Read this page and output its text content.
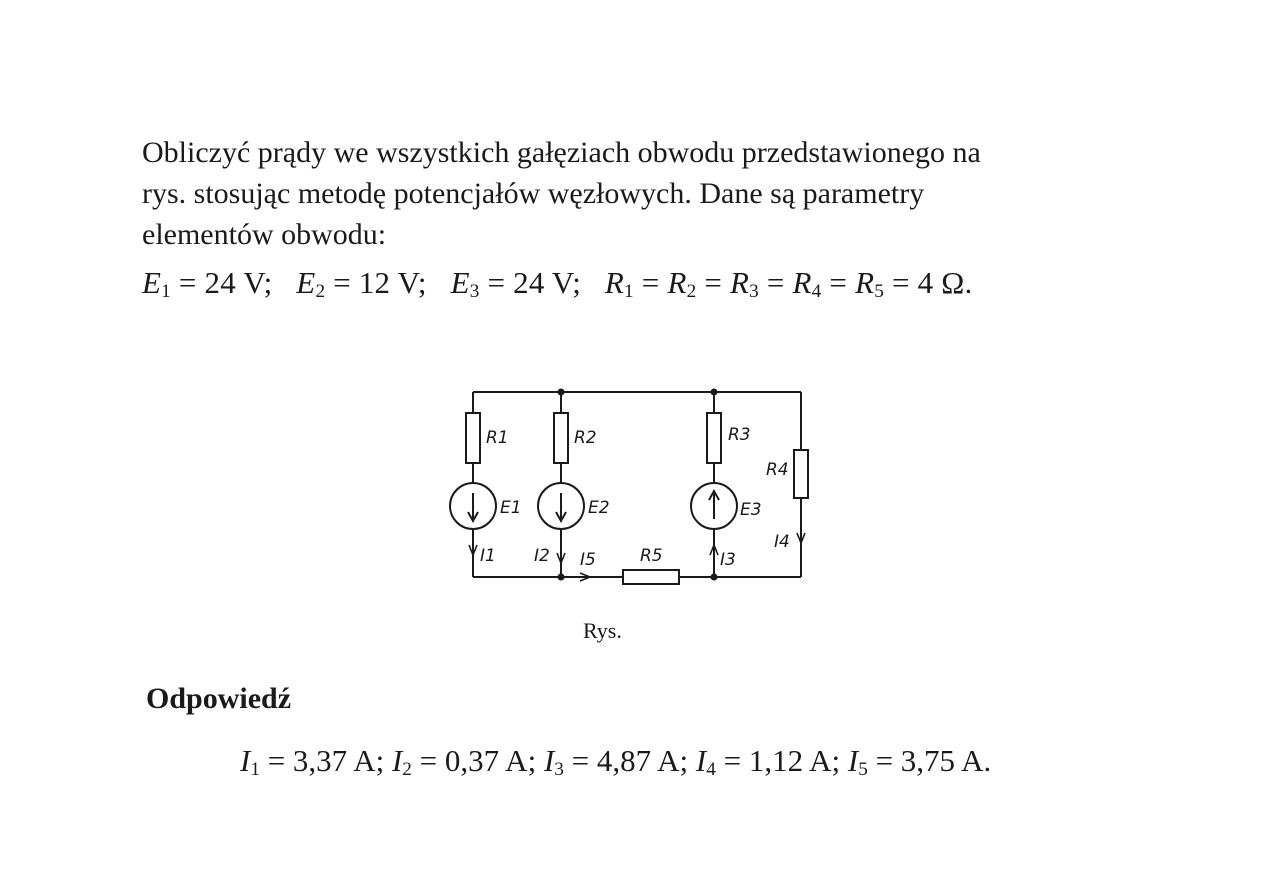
Obliczyć prądy we wszystkich gałęziach obwodu przedstawionego na
rys. stosując metodę potencjałów węzłowych. Dane są parametry
elementów obwodu:

$E_1 = 24$ V; $E_2 = 12$ V; $E_3 = 24$ V; $R_1 = R_2 = R_3 = R_4 = R_5 = 4$ Ω.
R1	R2	R3
R4
R5
E1	E2	E3
I1 I2	I3
I4
I5
Rys.
Odpowiedź
$I_1 = 3,37$ A; $I_2 = 0,37$ A; $I_3 = 4,87$ A; $I_4 = 1,12$ A; $I_5 = 3,75$ A.
